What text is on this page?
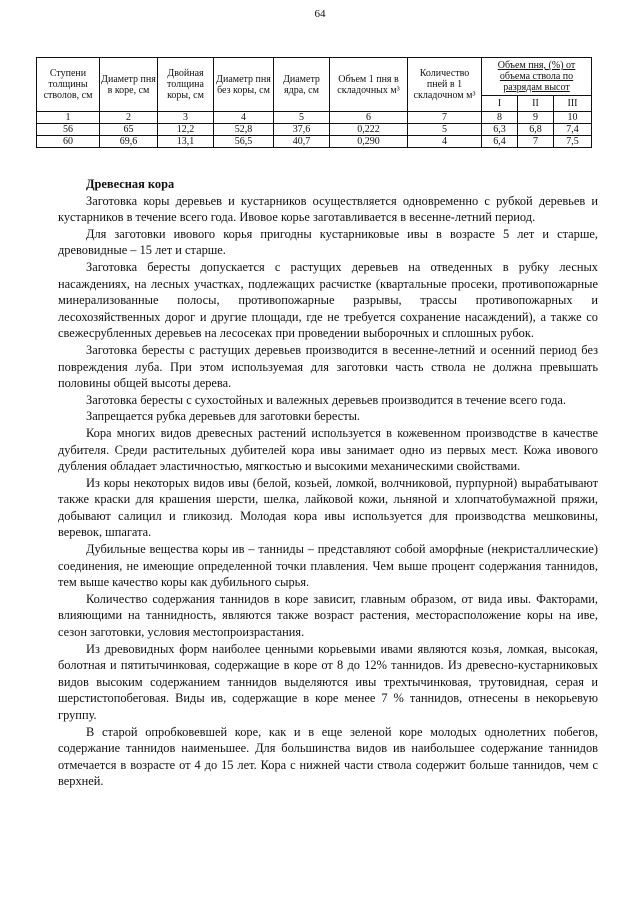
64
Ступени толщины стволов, см	Диаметр пня в коре, см	Двойная толщина коры, см	Диаметр пня без коры, см	Диаметр ядра, см	Объем 1 пня в складочных м³	Количество пней в 1 складочном м³	Объем пня, (%) от объема ствола по разрядам высот		
							I	II	III
1	2	3	4	5	6	7	8	9	10
56	65	12,2	52,8	37,6	0,222	5	6,3	6,8	7,4
60	69,6	13,1	56,5	40,7	0,290	4	6,4	7	7,5
Древесная кора

Заготовка коры деревьев и кустарников осуществляется одновременно с рубкой деревьев и кустарников в течение всего года. Ивовое корье заготавливается в весенне-летний период.

Для заготовки ивового корья пригодны кустарниковые ивы в возрасте 5 лет и старше, древовидные – 15 лет и старше.

Заготовка бересты допускается с растущих деревьев на отведенных в рубку лесных насаждениях, на лесных участках, подлежащих расчистке (квартальные просеки, противопожарные минерализованные полосы, противопожарные разрывы, трассы противопожарных и лесохозяйственных дорог и другие площади, где не требуется сохранение насаждений), а также со свежесрубленных деревьев на лесосеках при проведении выборочных и сплошных рубок.

Заготовка бересты с растущих деревьев производится в весенне-летний и осенний период без повреждения луба. При этом используемая для заготовки часть ствола не должна превышать половины общей высоты дерева.

Заготовка бересты с сухостойных и валежных деревьев производится в течение всего года.

Запрещается рубка деревьев для заготовки бересты.

Кора многих видов древесных растений используется в кожевенном производстве в качестве дубителя. Среди растительных дубителей кора ивы занимает одно из первых мест. Кожа ивового дубления обладает эластичностью, мягкостью и высокими механическими свойствами.

Из коры некоторых видов ивы (белой, козьей, ломкой, волчниковой, пурпурной) вырабатывают также краски для крашения шерсти, шелка, лайковой кожи, льняной и хлопчатобумажной пряжи, добывают салицил и гликозид. Молодая кора ивы используется для производства мешковины, веревок, шпагата.

Дубильные вещества коры ив – танниды – представляют собой аморфные (некристаллические) соединения, не имеющие определенной точки плавления. Чем выше процент содержания таннидов, тем выше качество коры как дубильного сырья.

Количество содержания таннидов в коре зависит, главным образом, от вида ивы. Факторами, влияющими на таннидность, являются также возраст растения, месторасположение коры на иве, сезон заготовки, условия местопроизрастания.

Из древовидных форм наиболее ценными корьевыми ивами являются козья, ломкая, высокая, болотная и пятитычинковая, содержащие в коре от 8 до 12% таннидов. Из древесно-кустарниковых видов высоким содержанием таннидов выделяются ивы трехтычинковая, трутовидная, серая и шерстистопобеговая. Виды ив, содержащие в коре менее 7 % таннидов, отнесены в некорьевую группу.

В старой опробковевшей коре, как и в еще зеленой коре молодых однолетних побегов, содержание таннидов наименьшее. Для большинства видов ив наибольшее содержание таннидов отмечается в возрасте от 4 до 15 лет. Кора с нижней части ствола содержит больше таннидов, чем с верхней.
